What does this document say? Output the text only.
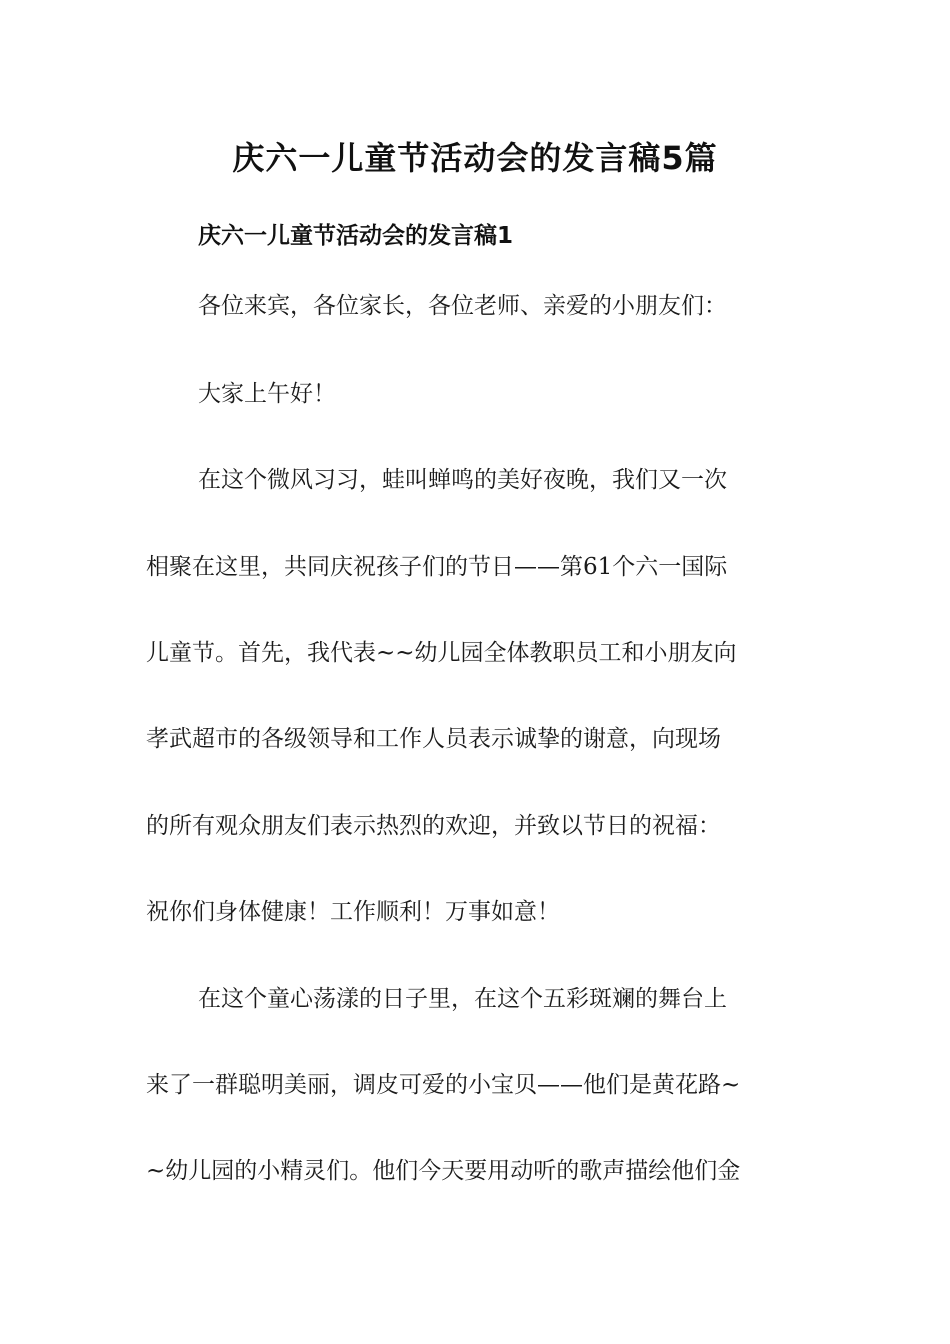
庆六一儿童节活动会的发言稿5篇
庆六一儿童节活动会的发言稿1
各位来宾，各位家长，各位老师、亲爱的小朋友们：
大家上午好！
在这个微风习习，蛙叫蝉鸣的美好夜晚，我们又一次
相聚在这里，共同庆祝孩子们的节日——第61个六一国际
儿童节。首先，我代表~~幼儿园全体教职员工和小朋友向
孝武超市的各级领导和工作人员表示诚挚的谢意，向现场
的所有观众朋友们表示热烈的欢迎，并致以节日的祝福：
祝你们身体健康！工作顺利！万事如意！
在这个童心荡漾的日子里，在这个五彩斑斓的舞台上
来了一群聪明美丽，调皮可爱的小宝贝——他们是黄花路~
~幼儿园的小精灵们。他们今天要用动听的歌声描绘他们金
